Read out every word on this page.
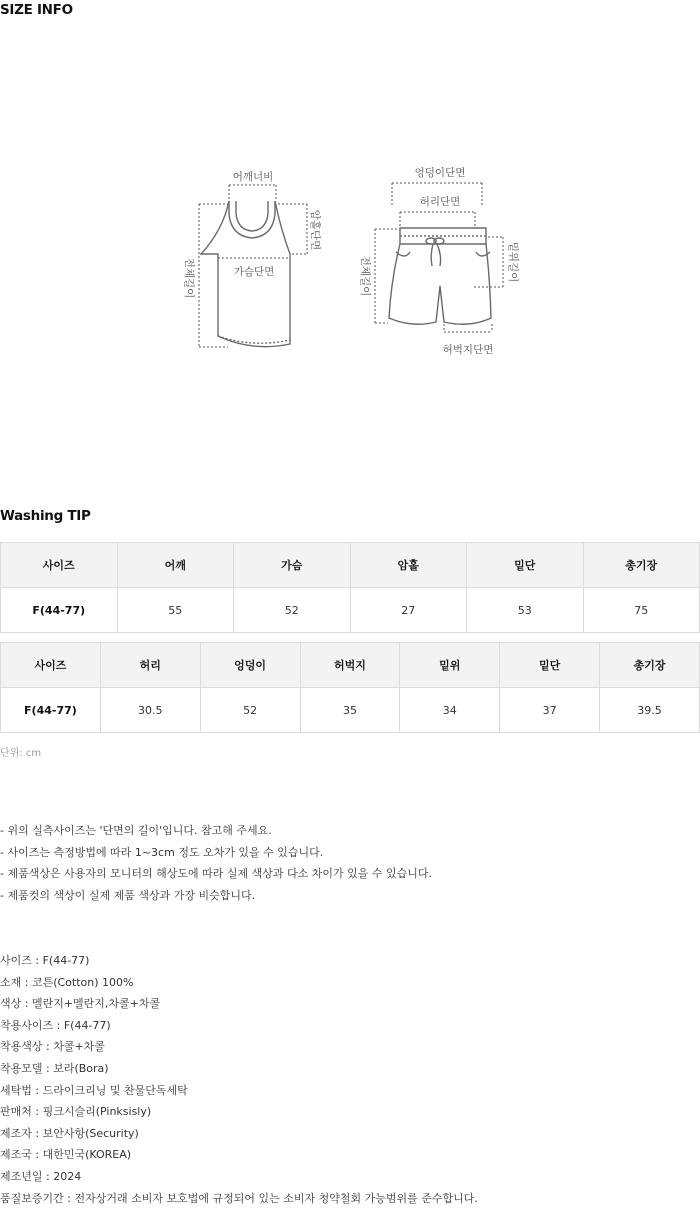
SIZE INFO
어깨너비
가슴단면
암홀단면
전체길이
엉덩이단면
허리단면
밑위길이
전체길이
허벅지단면
Washing TIP
사이즈	어깨	가슴	암홀	밑단	총기장
F(44-77)	55	52	27	53	75
사이즈	허리	엉덩이	허벅지	밑위	밑단	총기장
F(44-77)	30.5	52	35	34	37	39.5
단위: cm
- 위의 실측사이즈는 '단면의 길이'입니다. 참고해 주세요.
- 사이즈는 측정방법에 따라 1~3cm 정도 오차가 있을 수 있습니다.
- 제품색상은 사용자의 모니터의 해상도에 따라 실제 색상과 다소 차이가 있을 수 있습니다.
- 제품컷의 색상이 실제 제품 색상과 가장 비슷합니다.
사이즈 : F(44-77)
소재 : 코튼(Cotton) 100%
색상 : 멜란지+멜란지,차콜+차콜
착용사이즈 : F(44-77)
착용색상 : 차콜+차콜
착용모델 : 보라(Bora)
세탁법 : 드라이크리닝 및 찬물단독세탁
판매처 : 핑크시슬리(Pinksisly)
제조자 : 보안사항(Security)
제조국 : 대한민국(KOREA)
제조년일 : 2024
품질보증기간 : 전자상거래 소비자 보호법에 규정되어 있는 소비자 청약철회 가능범위를 준수합니다.
